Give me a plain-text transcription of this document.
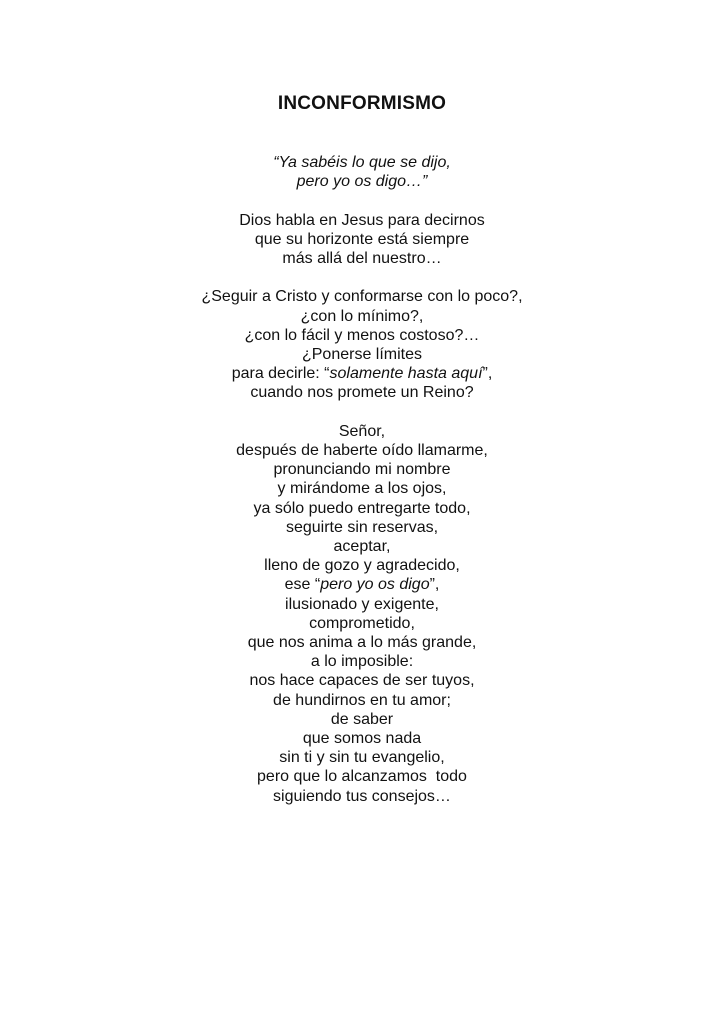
INCONFORMISMO

“Ya sabéis lo que se dijo,
pero yo os digo…”

Dios habla en Jesus para decirnos
que su horizonte está siempre
más allá del nuestro…

¿Seguir a Cristo y conformarse con lo poco?,
¿con lo mínimo?,
¿con lo fácil y menos costoso?…
¿Ponerse límites
para decirle: “solamente hasta aquí”,
cuando nos promete un Reino?

Señor,
después de haberte oído llamarme,
pronunciando mi nombre
y mirándome a los ojos,
ya sólo puedo entregarte todo,
seguirte sin reservas,
aceptar,
lleno de gozo y agradecido,
ese “pero yo os digo”,
ilusionado y exigente,
comprometido,
que nos anima a lo más grande,
a lo imposible:
nos hace capaces de ser tuyos,
de hundirnos en tu amor;
de saber
que somos nada
sin ti y sin tu evangelio,
pero que lo alcanzamos  todo
siguiendo tus consejos…
